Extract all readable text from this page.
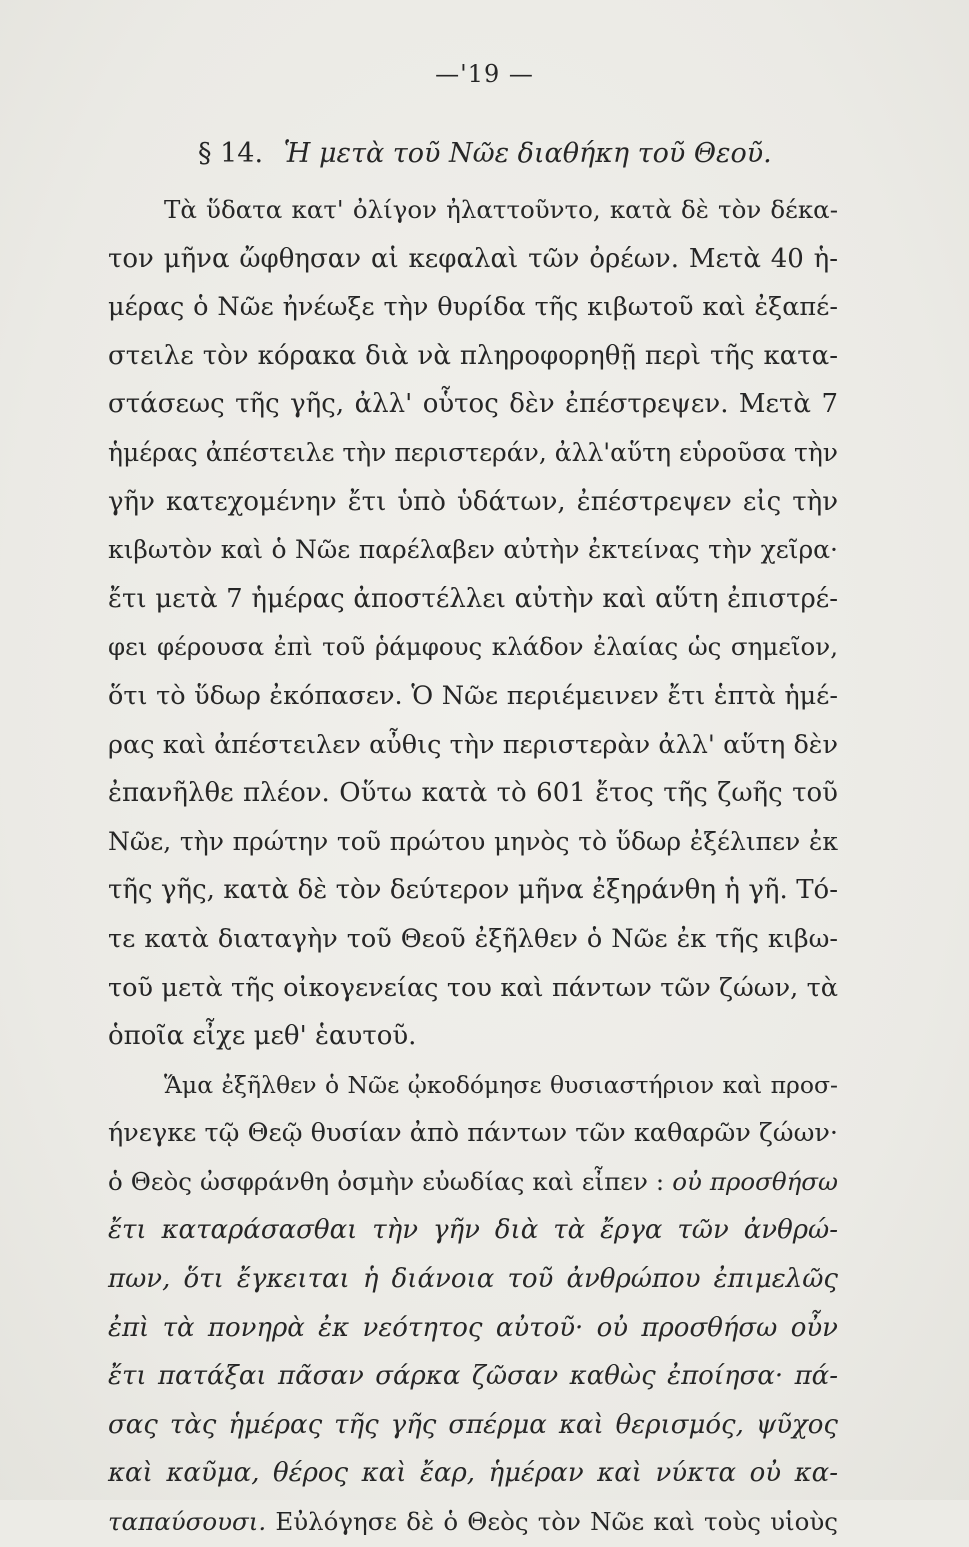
—'19 —
§ 14. Ἡ μετὰ τοῦ Νῶε διαθήκη τοῦ Θεοῦ.
Τὰ ὕδατα κατ' ὀλίγον ἠλαττοῦντο, κατὰ δὲ τὸν δέκα-
τον μῆνα ὤφθησαν αἱ κεφαλαὶ τῶν ὀρέων. Μετὰ 40 ἡ-
μέρας ὁ Νῶε ἠνέωξε τὴν θυρίδα τῆς κιβωτοῦ καὶ ἐξαπέ-
στειλε τὸν κόρακα διὰ νὰ πληροφορηθῇ περὶ τῆς κατα-
στάσεως τῆς γῆς, ἀλλ' οὗτος δὲν ἐπέστρεψεν. Μετὰ 7
ἡμέρας ἀπέστειλε τὴν περιστεράν, ἀλλ'αὕτη εὑροῦσα τὴν
γῆν κατεχομένην ἔτι ὑπὸ ὑδάτων, ἐπέστρεψεν εἰς τὴν
κιβωτὸν καὶ ὁ Νῶε παρέλαβεν αὐτὴν ἐκτείνας τὴν χεῖρα·
ἔτι μετὰ 7 ἡμέρας ἀποστέλλει αὐτὴν καὶ αὕτη ἐπιστρέ-
φει φέρουσα ἐπὶ τοῦ ῥάμφους κλάδον ἐλαίας ὡς σημεῖον,
ὅτι τὸ ὕδωρ ἐκόπασεν. Ὁ Νῶε περιέμεινεν ἔτι ἑπτὰ ἡμέ-
ρας καὶ ἀπέστειλεν αὖθις τὴν περιστερὰν ἀλλ' αὕτη δὲν
ἐπανῆλθε πλέον. Οὕτω κατὰ τὸ 601 ἔτος τῆς ζωῆς τοῦ
Νῶε, τὴν πρώτην τοῦ πρώτου μηνὸς τὸ ὕδωρ ἐξέλιπεν ἐκ
τῆς γῆς, κατὰ δὲ τὸν δεύτερον μῆνα ἐξηράνθη ἡ γῆ. Τό-
τε κατὰ διαταγὴν τοῦ Θεοῦ ἐξῆλθεν ὁ Νῶε ἐκ τῆς κιβω-
τοῦ μετὰ τῆς οἰκογενείας του καὶ πάντων τῶν ζώων, τὰ
ὁποῖα εἶχε μεθ' ἑαυτοῦ.
Ἅμα ἐξῆλθεν ὁ Νῶε ᾠκοδόμησε θυσιαστήριον καὶ προσ-
ήνεγκε τῷ Θεῷ θυσίαν ἀπὸ πάντων τῶν καθαρῶν ζώων·
ὁ Θεὸς ὠσφράνθη ὀσμὴν εὐωδίας καὶ εἶπεν : οὐ προσθήσω
ἔτι καταράσασθαι τὴν γῆν διὰ τὰ ἔργα τῶν ἀνθρώ-
πων, ὅτι ἔγκειται ἡ διάνοια τοῦ ἀνθρώπου ἐπιμελῶς
ἐπὶ τὰ πονηρὰ ἐκ νεότητος αὐτοῦ· οὐ προσθήσω οὖν
ἔτι πατάξαι πᾶσαν σάρκα ζῶσαν καθὼς ἐποίησα· πά-
σας τὰς ἡμέρας τῆς γῆς σπέρμα καὶ θερισμός, ψῦχος
καὶ καῦμα, θέρος καὶ ἔαρ, ἡμέραν καὶ νύκτα οὐ κα-
ταπαύσουσι. Εὐλόγησε δὲ ὁ Θεὸς τὸν Νῶε καὶ τοὺς υἱοὺς
